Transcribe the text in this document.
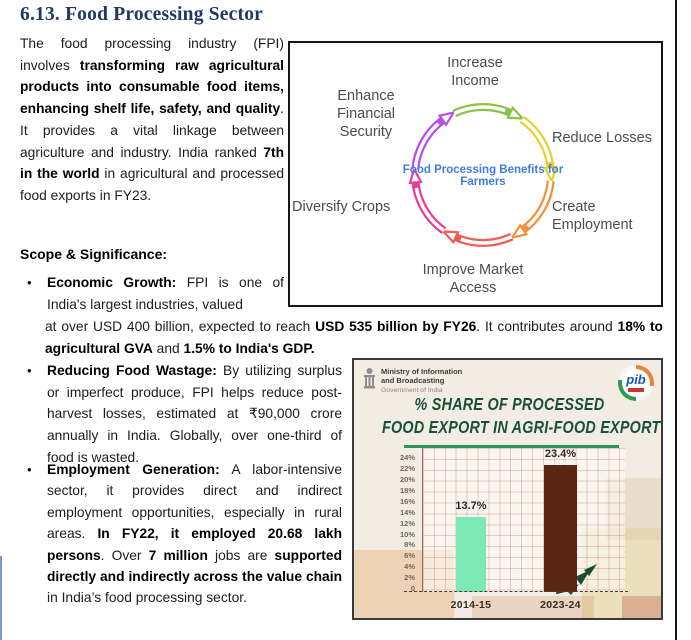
6.13. Food Processing Sector
The food processing industry (FPI) involves transforming raw agricultural products into consumable food items, enhancing shelf life, safety, and quality. It provides a vital linkage between agriculture and industry. India ranked 7th in the world in agricultural and processed food exports in FY23.
Scope & Significance:
• Economic Growth: FPI is one of India's largest industries, valued
at over USD 400 billion, expected to reach USD 535 billion by FY26. It contributes around 18% to agricultural GVA and 1.5% to India's GDP.
• Reducing Food Wastage: By utilizing surplus or imperfect produce, FPI helps reduce post-harvest losses, estimated at ₹90,000 crore annually in India. Globally, over one-third of food is wasted.
• Employment Generation: A labor-intensive sector, it provides direct and indirect employment opportunities, especially in rural areas. In FY22, it employed 20.68 lakh persons. Over 7 million jobs are supported directly and indirectly across the value chain in India’s food processing sector.
Increase Income
Reduce Losses
Create Employment
Improve Market Access
Diversify Crops
Enhance Financial Security
Food Processing Benefits for Farmers
Ministry of Information
and Broadcasting
Government of India
pib
% SHARE OF PROCESSED
FOOD EXPORT IN AGRI-FOOD EXPORT
24%
22%
20%
18%
16%
14%
12%
10%
8%
6%
4%
2%
0
13.7%
2014-15
23.4%
2023-24
